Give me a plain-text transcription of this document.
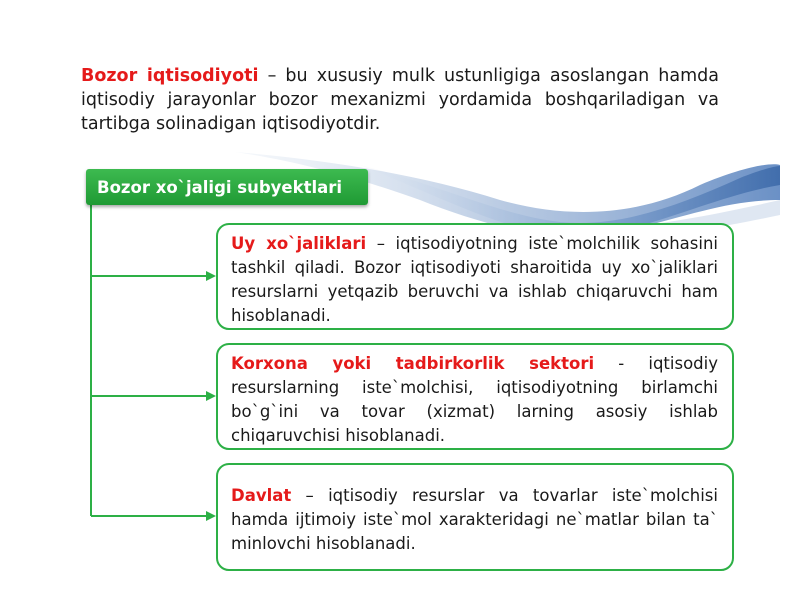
Bozor iqtisodiyoti – bu xususiy mulk ustunligiga asoslangan hamda iqtisodiy jarayonlar bozor mexanizmi yordamida boshqariladigan va tartibga solinadigan iqtisodiyotdir.

Bozor xo`jaligi subyektlari

Uy xo`jaliklari – iqtisodiyotning iste`molchilik sohasini tashkil qiladi. Bozor iqtisodiyoti sharoitida uy xo`jaliklari resurslarni yetqazib beruvchi va ishlab chiqaruvchi ham hisoblanadi.

Korxona yoki tadbirkorlik sektori - iqtisodiy resurslarning iste`molchisi, iqtisodiyotning birlamchi bo`g`ini va tovar (xizmat) larning asosiy ishlab chiqaruvchisi hisoblanadi.

Davlat – iqtisodiy resurslar va tovarlar iste`molchisi hamda ijtimoiy iste`mol xarakteridagi ne`matlar bilan ta` minlovchi hisoblanadi.
